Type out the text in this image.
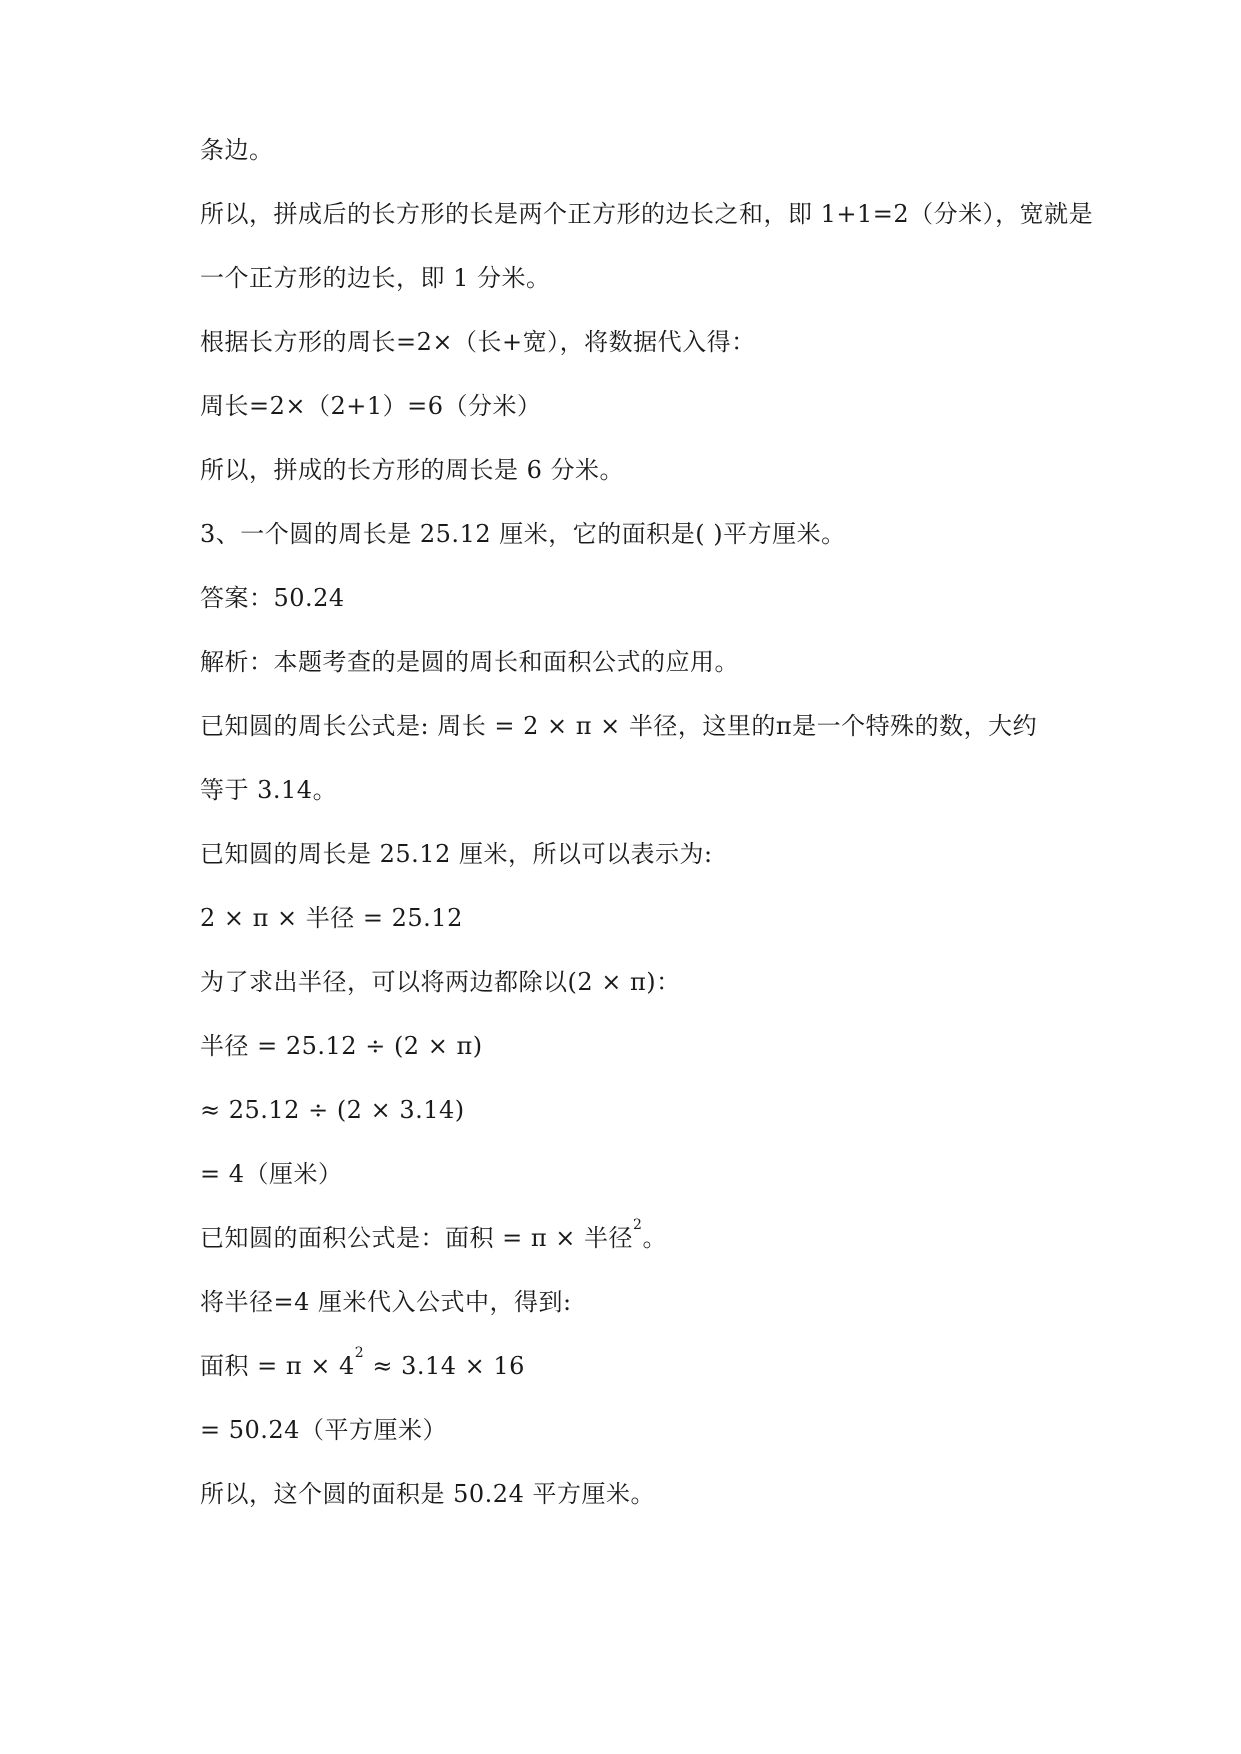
条边。
所以，拼成后的长方形的长是两个正方形的边长之和，即 1+1=2（分米），宽就是
一个正方形的边长，即 1 分米。
根据长方形的周长=2×（长+宽），将数据代入得：
周长=2×（2+1）=6（分米）
所以，拼成的长方形的周长是 6 分米。
3、一个圆的周长是 25.12 厘米，它的面积是( )平方厘米。
答案：50.24
解析：本题考查的是圆的周长和面积公式的应用。
已知圆的周长公式是: 周长 = 2 × π × 半径，这里的π是一个特殊的数，大约
等于 3.14。
已知圆的周长是 25.12 厘米，所以可以表示为:
2 × π × 半径 = 25.12
为了求出半径，可以将两边都除以(2 × π)：
半径 = 25.12 ÷ (2 × π)
≈ 25.12 ÷ (2 × 3.14)
= 4（厘米）
已知圆的面积公式是：面积 = π × 半径$^2$。
将半径=4 厘米代入公式中，得到:
面积 = $\pi \times 4^2 \approx 3.14 \times 16$
= 50.24（平方厘米）
所以，这个圆的面积是 50.24 平方厘米。
